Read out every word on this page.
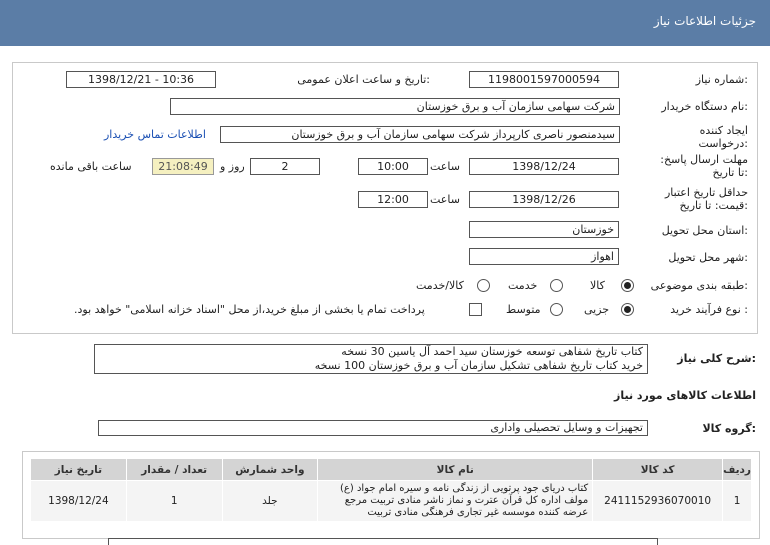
جزئیات اطلاعات نیاز
شماره نیاز:
1198001597000594
تاریخ و ساعت اعلان عمومی:
1398/12/21 - 10:36
نام دستگاه خریدار:
شرکت سهامی سازمان آب و برق خوزستان
ایجاد کننده درخواست:
سیدمنصور ناصری کارپرداز شرکت سهامی سازمان آب و برق خوزستان
اطلاعات تماس خریدار
مهلت ارسال پاسخ: تا تاریخ:
1398/12/24
ساعت
10:00
2
روز و
21:08:49
ساعت باقی مانده
حداقل تاریخ اعتبار قیمت: تا تاریخ:
1398/12/26
ساعت
12:00
استان محل تحویل:
خوزستان
شهر محل تحویل:
اهواز
طبقه بندی موضوعی:
کالا
خدمت
کالا/خدمت
نوع فرآیند خرید :
جزیی
متوسط
پرداخت تمام یا بخشی از مبلغ خرید،از محل "اسناد خزانه اسلامی" خواهد بود.
شرح کلی نیاز:
کتاب تاریخ شفاهی توسعه خوزستان سید احمد آل یاسین 30 نسخه
خرید کتاب تاریخ شفاهی تشکیل سازمان آب و برق خوزستان 100 نسخه
اطلاعات کالاهای مورد نیاز
گروه کالا:
تجهیزات و وسایل تحصیلی واداری
تاریخ نیاز	تعداد / مقدار	واحد شمارش	نام کالا	کد کالا	ردیف
1398/12/24	1	جلد	کتاب دریای جود پرتویی از زندگی نامه و سیره امام جواد (ع) مولف اداره کل قرآن عترت و نماز ناشر منادی تربیت مرجع عرضه کننده موسسه غیر تجاری فرهنگی منادی تربیت	2411152936070010	1
